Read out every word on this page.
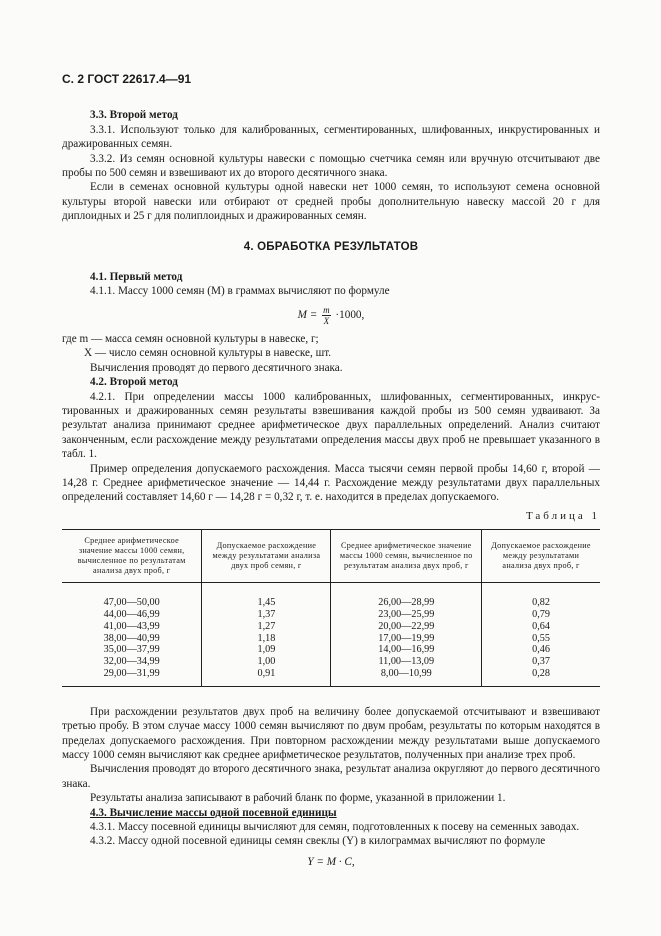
С. 2 ГОСТ 22617.4—91
3.3. Второй метод

3.3.1. Используют только для калиброванных, сегментированных, шлифованных, инкрустированных и дражированных семян.

3.3.2. Из семян основной культуры навески с помощью счетчика семян или вручную отсчитывают две пробы по 500 семян и взвешивают их до второго десятичного знака.

Если в семенах основной культуры одной навески нет 1000 семян, то используют семена основной культуры второй навески или отбирают от средней пробы дополнительную навеску массой 20 г для диплоидных и 25 г для полиплоидных и дражированных семян.

4. ОБРАБОТКА РЕЗУЛЬТАТОВ
4.1. Первый метод

4.1.1. Массу 1000 семян (M) в граммах вычисляют по формуле

$M = \frac{m}{X} \cdot 1000$,

где m — масса семян основной культуры в навеске, г;

X — число семян основной культуры в навеске, шт.

Вычисления проводят до первого десятичного знака.

4.2. Второй метод

4.2.1. При определении массы 1000 калиброванных, шлифованных, сегментированных, инкрустированных и дражированных семян результаты взвешивания каждой пробы из 500 семян удваивают. За результат анализа принимают среднее арифметическое двух параллельных определений. Анализ считают законченным, если расхождение между результатами определения массы двух проб не превышает указанного в табл. 1.

Пример определения допускаемого расхождения. Масса тысячи семян первой пробы 14,60 г, второй — 14,28 г. Среднее арифметическое значение — 14,44 г. Расхождение между результатами двух параллельных определений составляет 14,60 г — 14,28 г = 0,32 г, т. е. находится в пределах допускаемого.

Таблица 1
Среднее арифметическое значение массы 1000 семян, вычисленное по результатам анализа двух проб, г	Допускаемое расхождение между результатами анализа двух проб семян, г	Среднее арифметическое значение массы 1000 семян, вычисленное по результатам анализа двух проб, г	Допускаемое расхождение между результатами анализа двух проб, г
47,00—50,00	1,45	26,00—28,99	0,82
44,00—46,99	1,37	23,00—25,99	0,79
41,00—43,99	1,27	20,00—22,99	0,64
38,00—40,99	1,18	17,00—19,99	0,55
35,00—37,99	1,09	14,00—16,99	0,46
32,00—34,99	1,00	11,00—13,09	0,37
29,00—31,99	0,91	8,00—10,99	0,28

При расхождении результатов двух проб на величину более допускаемой отсчитывают и взвешивают третью пробу. В этом случае массу 1000 семян вычисляют по двум пробам, результаты по которым находятся в пределах допускаемого расхождения. При повторном расхождении между результатами выше допускаемого массу 1000 семян вычисляют как среднее арифметическое результатов, полученных при анализе трех проб.

Вычисления проводят до второго десятичного знака, результат анализа округляют до первого десятичного знака.

Результаты анализа записывают в рабочий бланк по форме, указанной в приложении 1.

4.3. Вычисление массы одной посевной единицы

4.3.1. Массу посевной единицы вычисляют для семян, подготовленных к посеву на семенных заводах.

4.3.2. Массу одной посевной единицы семян свеклы (Y) в килограммах вычисляют по формуле

Y = M · C,
